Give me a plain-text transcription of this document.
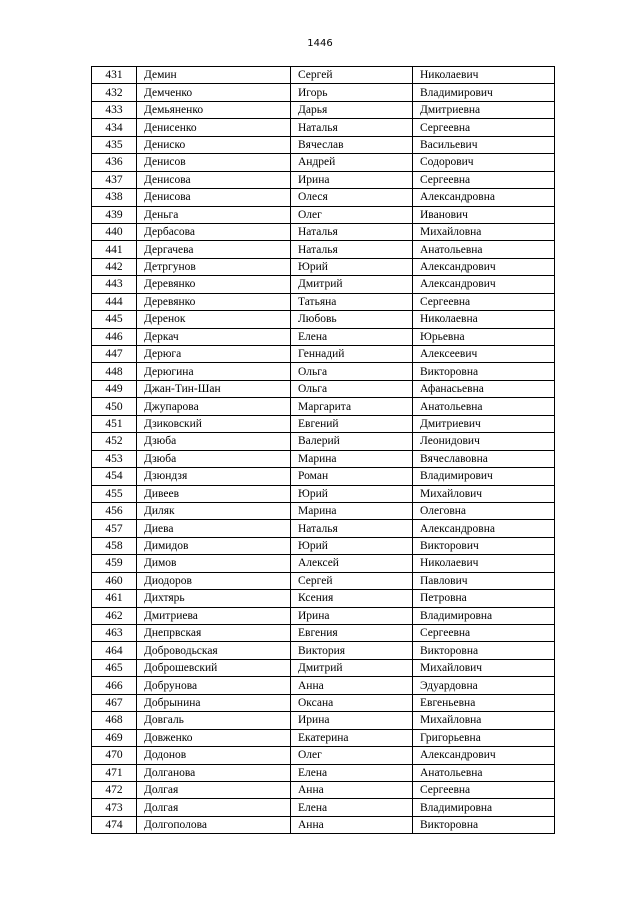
1446
431	Демин	Сергей	Николаевич
432	Демченко	Игорь	Владимирович
433	Демьяненко	Дарья	Дмитриевна
434	Денисенко	Наталья	Сергеевна
435	Дениско	Вячеслав	Васильевич
436	Денисов	Андрей	Содорович
437	Денисова	Ирина	Сергеевна
438	Денисова	Олеся	Александровна
439	Деньга	Олег	Иванович
440	Дербасова	Наталья	Михайловна
441	Дергачева	Наталья	Анатольевна
442	Детргунов	Юрий	Александрович
443	Деревянко	Дмитрий	Александрович
444	Деревянко	Татьяна	Сергеевна
445	Деренок	Любовь	Николаевна
446	Деркач	Елена	Юрьевна
447	Дерюга	Геннадий	Алексеевич
448	Дерюгина	Ольга	Викторовна
449	Джан-Тин-Шан	Ольга	Афанасьевна
450	Джупарова	Маргарита	Анатольевна
451	Дзиковский	Евгений	Дмитриевич
452	Дзюба	Валерий	Леонидович
453	Дзюба	Марина	Вячеславовна
454	Дзюндзя	Роман	Владимирович
455	Дивеев	Юрий	Михайлович
456	Диляк	Марина	Олеговна
457	Диева	Наталья	Александровна
458	Димидов	Юрий	Викторович
459	Димов	Алексей	Николаевич
460	Диодоров	Сергей	Павлович
461	Дихтярь	Ксения	Петровна
462	Дмитриева	Ирина	Владимировна
463	Днепрвская	Евгения	Сергеевна
464	Доброводьская	Виктория	Викторовна
465	Доброшевский	Дмитрий	Михайлович
466	Добрунова	Анна	Эдуардовна
467	Добрынина	Оксана	Евгеньевна
468	Довгаль	Ирина	Михайловна
469	Довженко	Екатерина	Григорьевна
470	Додонов	Олег	Александрович
471	Долганова	Елена	Анатольевна
472	Долгая	Анна	Сергеевна
473	Долгая	Елена	Владимировна
474	Долгополова	Анна	Викторовна
